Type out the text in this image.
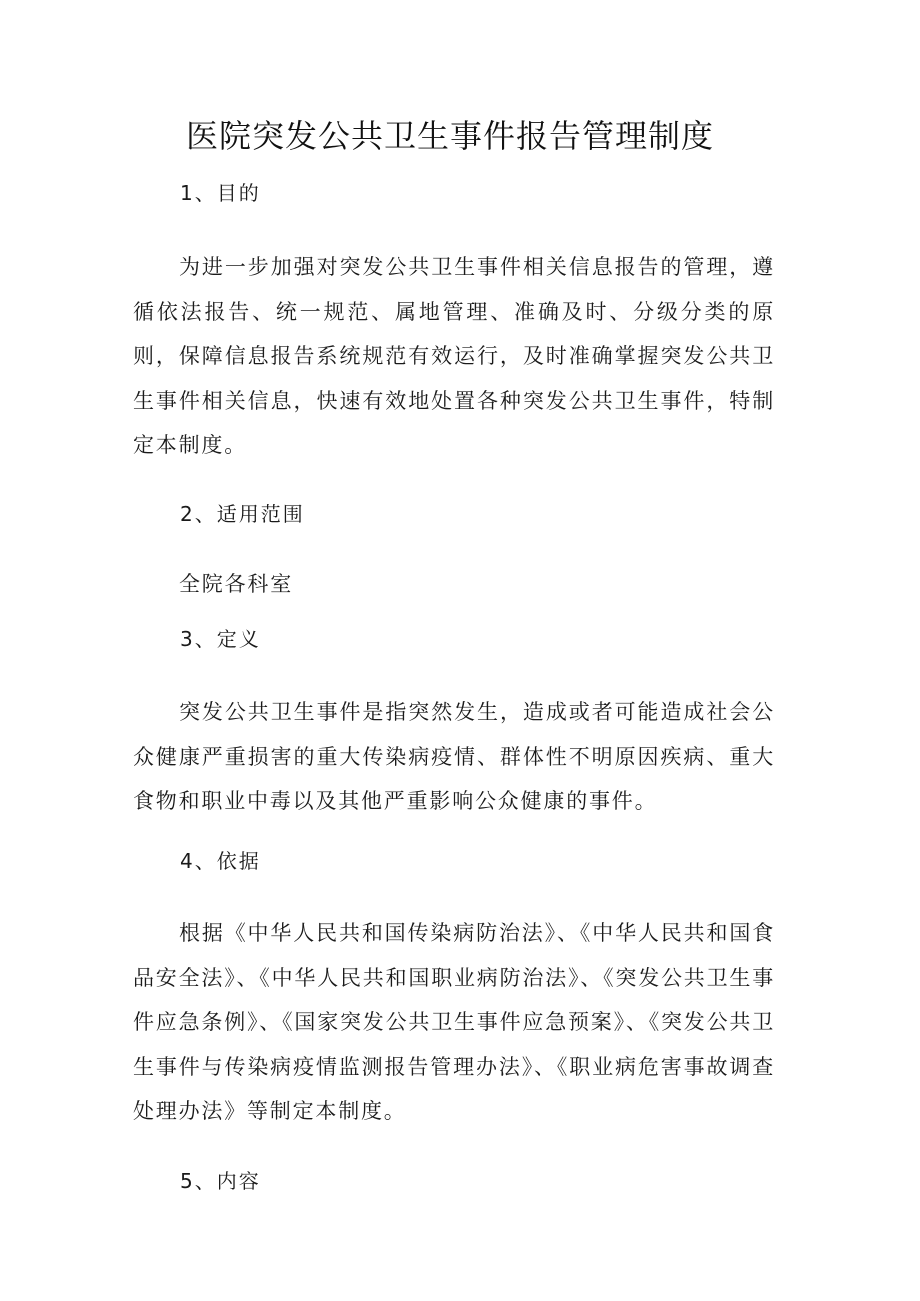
医院突发公共卫生事件报告管理制度
1、目的

为进一步加强对突发公共卫生事件相关信息报告的管理，遵循依法报告、统一规范、属地管理、准确及时、分级分类的原则，保障信息报告系统规范有效运行，及时准确掌握突发公共卫生事件相关信息，快速有效地处置各种突发公共卫生事件，特制定本制度。

2、适用范围

全院各科室

3、定义

突发公共卫生事件是指突然发生，造成或者可能造成社会公众健康严重损害的重大传染病疫情、群体性不明原因疾病、重大食物和职业中毒以及其他严重影响公众健康的事件。

4、依据

根据《中华人民共和国传染病防治法》、《中华人民共和国食品安全法》、《中华人民共和国职业病防治法》、《突发公共卫生事件应急条例》、《国家突发公共卫生事件应急预案》、《突发公共卫生事件与传染病疫情监测报告管理办法》、《职业病危害事故调查处理办法》等制定本制度。

5、内容
